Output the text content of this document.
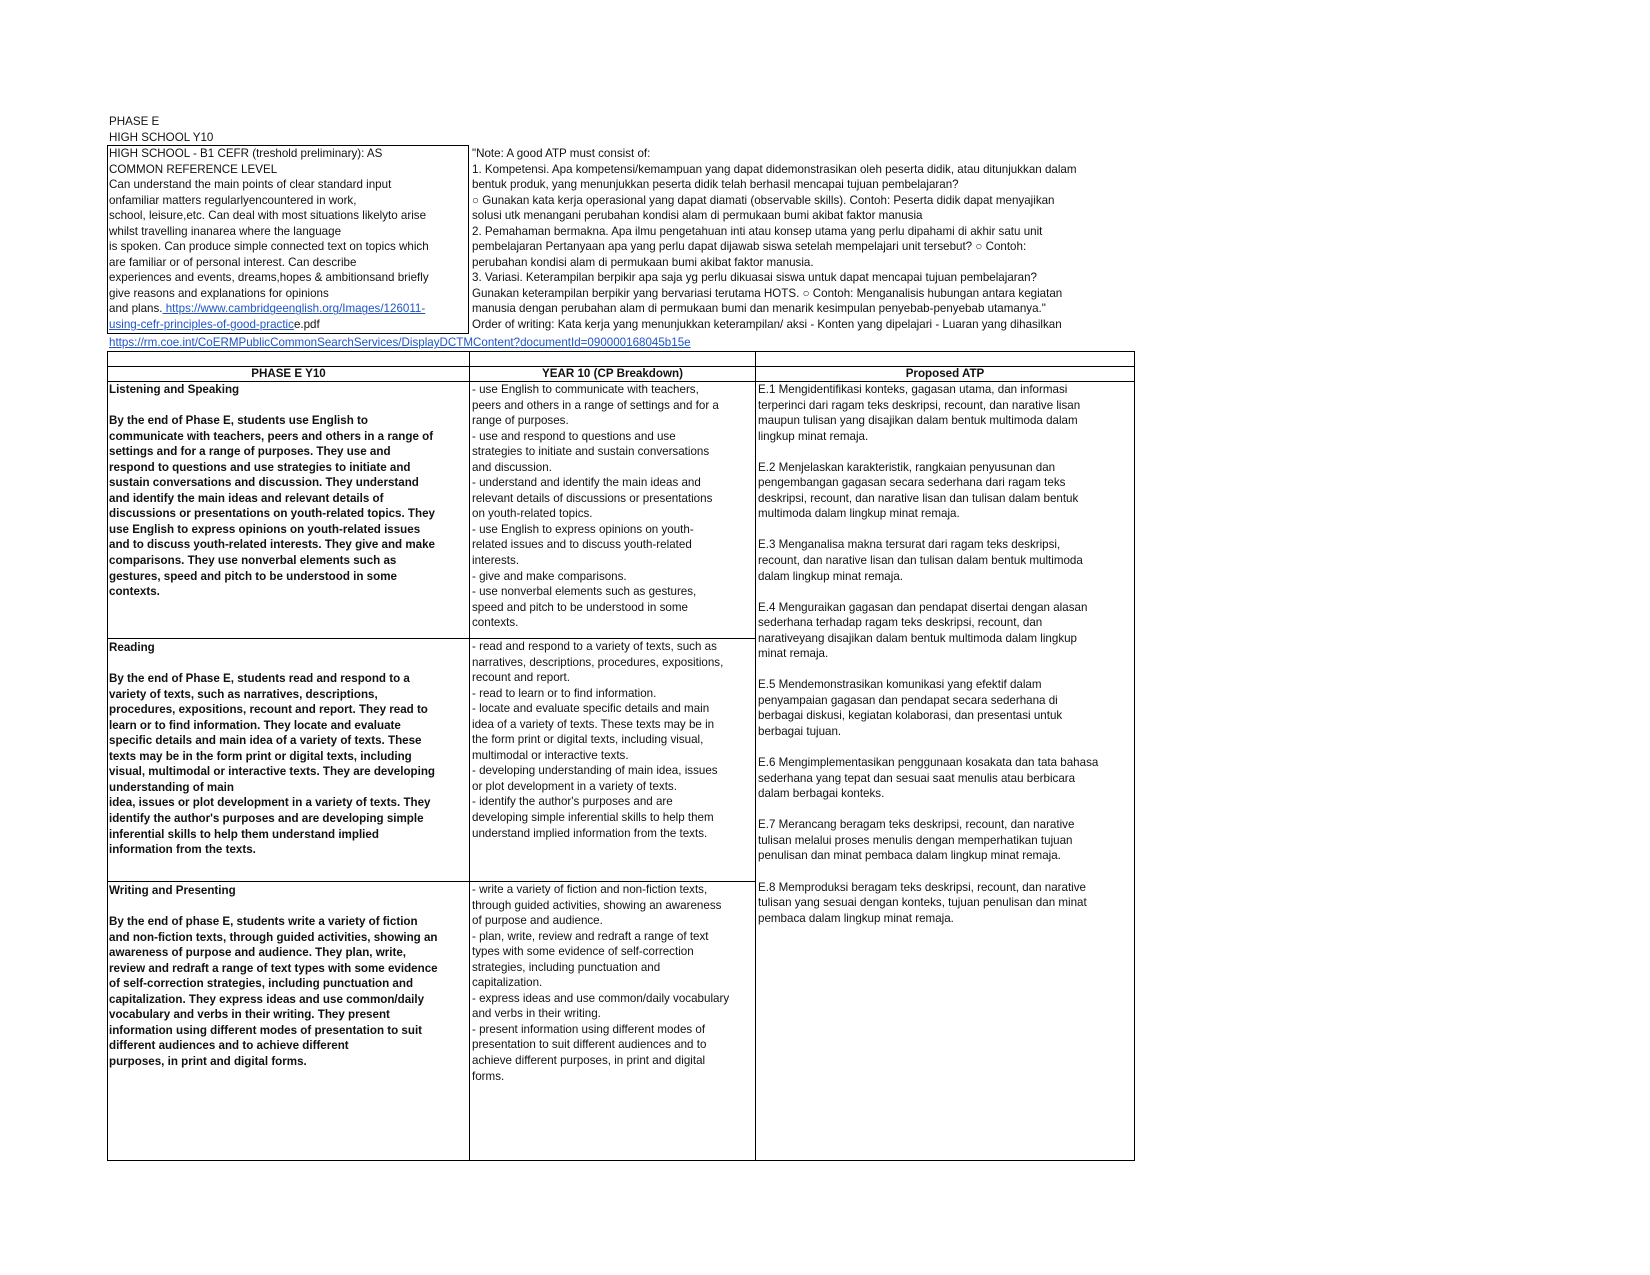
PHASE E
HIGH SCHOOL Y10
HIGH SCHOOL - B1 CEFR (treshold preliminary): AS
COMMON REFERENCE LEVEL
Can understand the main points of clear standard input
onfamiliar matters regularlyencountered in work,
school, leisure,etc. Can deal with most situations likelyto arise
whilst travelling inanarea where the language
is spoken. Can produce simple connected text on topics which
are familiar or of personal interest. Can describe
experiences and events, dreams,hopes & ambitionsand briefly
give reasons and explanations for opinions
and plans. https://www.cambridgeenglish.org/Images/126011-
using-cefr-principles-of-good-practice.pdf
https://rm.coe.int/CoERMPublicCommonSearchServices/DisplayDCTMContent?documentId=090000168045b15e
"Note: A good ATP must consist of:
1. Kompetensi. Apa kompetensi/kemampuan yang dapat didemonstrasikan oleh peserta didik, atau ditunjukkan dalam
bentuk produk, yang menunjukkan peserta didik telah berhasil mencapai tujuan pembelajaran?
○ Gunakan kata kerja operasional yang dapat diamati (observable skills). Contoh: Peserta didik dapat menyajikan
solusi utk menangani perubahan kondisi alam di permukaan bumi akibat faktor manusia
2. Pemahaman bermakna. Apa ilmu pengetahuan inti atau konsep utama yang perlu dipahami di akhir satu unit
pembelajaran Pertanyaan apa yang perlu dapat dijawab siswa setelah mempelajari unit tersebut? ○ Contoh:
perubahan kondisi alam di permukaan bumi akibat faktor manusia.
3. Variasi. Keterampilan berpikir apa saja yg perlu dikuasai siswa untuk dapat mencapai tujuan pembelajaran?
Gunakan keterampilan berpikir yang bervariasi terutama HOTS. ○ Contoh: Menganalisis hubungan antara kegiatan
manusia dengan perubahan alam di permukaan bumi dan menarik kesimpulan penyebab-penyebab utamanya."
Order of writing: Kata kerja yang menunjukkan keterampilan/ aksi - Konten yang dipelajari - Luaran yang dihasilkan
PHASE E Y10	YEAR 10 (CP Breakdown)	Proposed ATP
Listening and Speaking
By the end of Phase E, students use English to
communicate with teachers, peers and others in a range of
settings and for a range of purposes. They use and
respond to questions and use strategies to initiate and
sustain conversations and discussion. They understand
and identify the main ideas and relevant details of
discussions or presentations on youth-related topics. They
use English to express opinions on youth-related issues
and to discuss youth-related interests. They give and make
comparisons. They use nonverbal elements such as
gestures, speed and pitch to be understood in some
contexts.
- use English to communicate with teachers,
peers and others in a range of settings and for a
range of purposes.
- use and respond to questions and use
strategies to initiate and sustain conversations
and discussion.
- understand and identify the main ideas and
relevant details of discussions or presentations
on youth-related topics.
- use English to express opinions on youth-
related issues and to discuss youth-related
interests.
- give and make comparisons.
- use nonverbal elements such as gestures,
speed and pitch to be understood in some
contexts.
Reading
By the end of Phase E, students read and respond to a
variety of texts, such as narratives, descriptions,
procedures, expositions, recount and report. They read to
learn or to find information. They locate and evaluate
specific details and main idea of a variety of texts. These
texts may be in the form print or digital texts, including
visual, multimodal or interactive texts. They are developing
understanding of main
idea, issues or plot development in a variety of texts. They
identify the author's purposes and are developing simple
inferential skills to help them understand implied
information from the texts.
- read and respond to a variety of texts, such as
narratives, descriptions, procedures, expositions,
recount and report.
- read to learn or to find information.
- locate and evaluate specific details and main
idea of a variety of texts. These texts may be in
the form print or digital texts, including visual,
multimodal or interactive texts.
- developing understanding of main idea, issues
or plot development in a variety of texts.
- identify the author's purposes and are
developing simple inferential skills to help them
understand implied information from the texts.
Writing and Presenting
By the end of phase E, students write a variety of fiction
and non-fiction texts, through guided activities, showing an
awareness of purpose and audience. They plan, write,
review and redraft a range of text types with some evidence
of self-correction strategies, including punctuation and
capitalization. They express ideas and use common/daily
vocabulary and verbs in their writing. They present
information using different modes of presentation to suit
different audiences and to achieve different
purposes, in print and digital forms.
- write a variety of fiction and non-fiction texts,
through guided activities, showing an awareness
of purpose and audience.
- plan, write, review and redraft a range of text
types with some evidence of self-correction
strategies, including punctuation and
capitalization.
- express ideas and use common/daily vocabulary
and verbs in their writing.
- present information using different modes of
presentation to suit different audiences and to
achieve different purposes, in print and digital
forms.
E.1 Mengidentifikasi konteks, gagasan utama, dan informasi
terperinci dari ragam teks deskripsi, recount, dan narative lisan
maupun tulisan yang disajikan dalam bentuk multimoda dalam
lingkup minat remaja.
E.2 Menjelaskan karakteristik, rangkaian penyusunan dan
pengembangan gagasan secara sederhana dari ragam teks
deskripsi, recount, dan narative lisan dan tulisan dalam bentuk
multimoda dalam lingkup minat remaja.
E.3 Menganalisa makna tersurat dari ragam teks deskripsi,
recount, dan narative lisan dan tulisan dalam bentuk multimoda
dalam lingkup minat remaja.
E.4 Menguraikan gagasan dan pendapat disertai dengan alasan
sederhana terhadap ragam teks deskripsi, recount, dan
narativeyang disajikan dalam bentuk multimoda dalam lingkup
minat remaja.
E.5 Mendemonstrasikan komunikasi yang efektif dalam
penyampaian gagasan dan pendapat secara sederhana di
berbagai diskusi, kegiatan kolaborasi, dan presentasi untuk
berbagai tujuan.
E.6 Mengimplementasikan penggunaan kosakata dan tata bahasa
sederhana yang tepat dan sesuai saat menulis atau berbicara
dalam berbagai konteks.
E.7 Merancang beragam teks deskripsi, recount, dan narative
tulisan melalui proses menulis dengan memperhatikan tujuan
penulisan dan minat pembaca dalam lingkup minat remaja.
E.8 Memproduksi beragam teks deskripsi, recount, dan narative
tulisan yang sesuai dengan konteks, tujuan penulisan dan minat
pembaca dalam lingkup minat remaja.
